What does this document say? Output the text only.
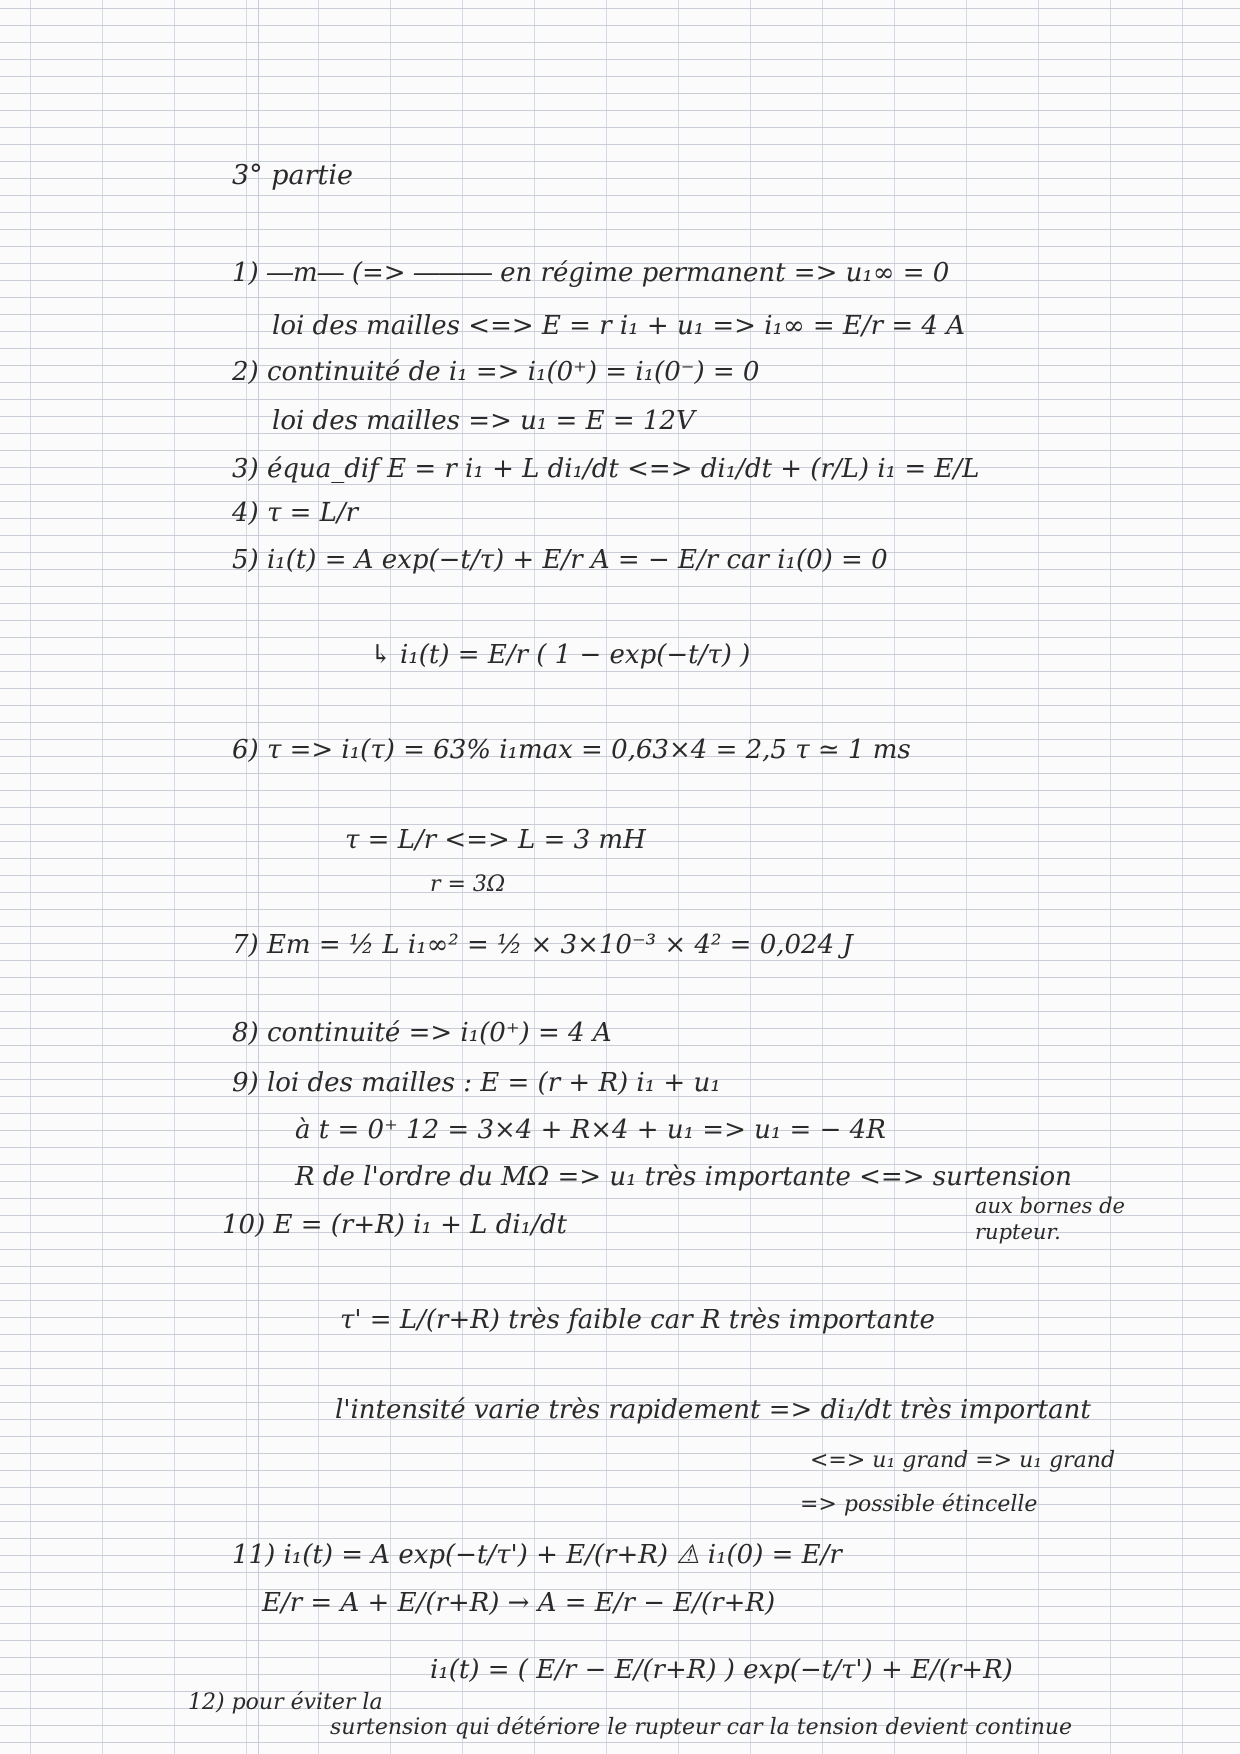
3° partie
1) ―m― (=> ――― en régime permanent => u₁∞ = 0
loi des mailles <=> E = r i₁ + u₁ => i₁∞ = E/r = 4 A
2) continuité de i₁ => i₁(0⁺) = i₁(0⁻) = 0
loi des mailles => u₁ = E = 12V
3) équa_dif E = r i₁ + L di₁/dt <=> di₁/dt + (r/L) i₁ = E/L
4) τ = L/r
5) i₁(t) = A exp(−t/τ) + E/r A = − E/r car i₁(0) = 0
↳ i₁(t) = E/r ( 1 − exp(−t/τ) )
6) τ => i₁(τ) = 63% i₁max = 0,63×4 = 2,5 τ ≃ 1 ms
τ = L/r <=> L = 3 mH
r = 3Ω
7) Em = ½ L i₁∞² = ½ × 3×10⁻³ × 4² = 0,024 J
8) continuité => i₁(0⁺) = 4 A
9) loi des mailles : E = (r + R) i₁ + u₁
à t = 0⁺ 12 = 3×4 + R×4 + u₁ => u₁ = − 4R
R de l'ordre du MΩ => u₁ très importante <=> surtension
aux bornes de
rupteur.
10) E = (r+R) i₁ + L di₁/dt
τ' = L/(r+R) très faible car R très importante
l'intensité varie très rapidement => di₁/dt très important
<=> u₁ grand => u₁ grand
=> possible étincelle
11) i₁(t) = A exp(−t/τ') + E/(r+R) ⚠ i₁(0) = E/r
E/r = A + E/(r+R) → A = E/r − E/(r+R)
i₁(t) = ( E/r − E/(r+R) ) exp(−t/τ') + E/(r+R)
12) pour éviter la
surtension qui détériore le rupteur car la tension devient continue
